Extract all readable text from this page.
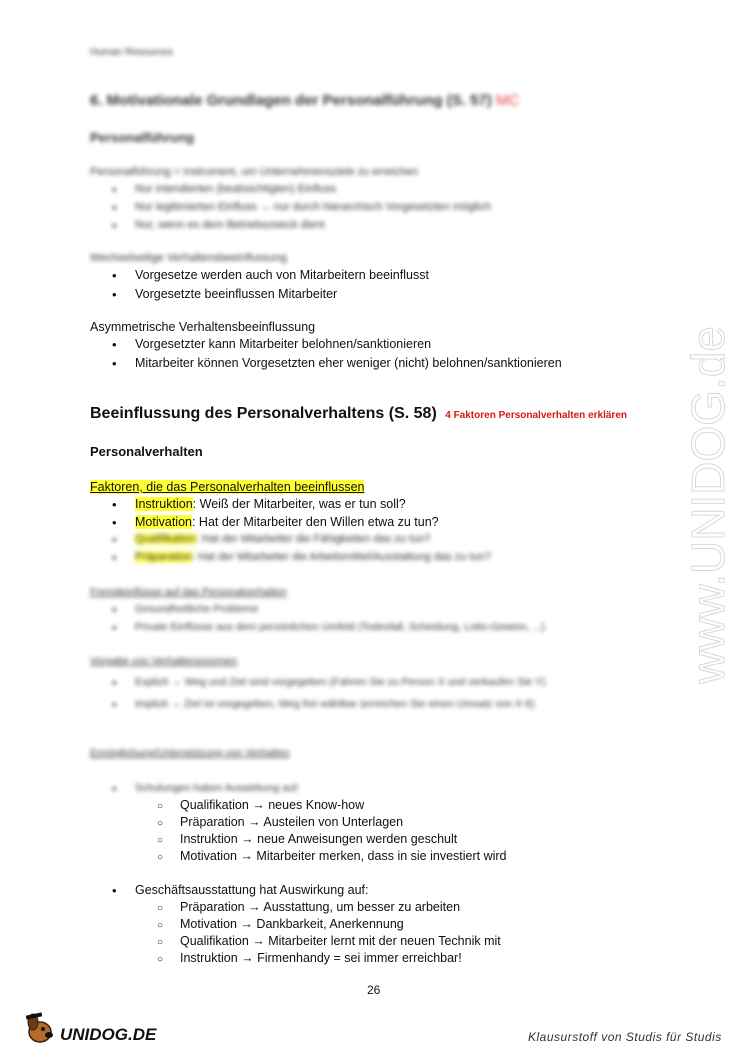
Human Resources
6. Motivationale Grundlagen der Personalführung (S. 57) MC
Personalführung
Personalführung = Instrument, um Unternehmensziele zu erreichen
• Nur intendierten (beabsichtigten) Einfluss
• Nur legitimierten Einfluss → nur durch hierarchisch Vorgesetzten möglich
• Nur, wenn es dem Betriebszweck dient
Wechselseitige Verhaltensbeeinflussung
• Vorgesetze werden auch von Mitarbeitern beeinflusst
• Vorgesetzte beeinflussen Mitarbeiter
Asymmetrische Verhaltensbeeinflussung
• Vorgesetzter kann Mitarbeiter belohnen/sanktionieren
• Mitarbeiter können Vorgesetzten eher weniger (nicht) belohnen/sanktionieren
Beeinflussung des Personalverhaltens (S. 58) 4 Faktoren Personalverhalten erklären
Personalverhalten
Faktoren, die das Personalverhalten beeinflussen
• Instruktion: Weiß der Mitarbeiter, was er tun soll?
• Motivation: Hat der Mitarbeiter den Willen etwa zu tun?
• Qualifikation: Hat der Mitarbeiter die Fähigkeiten das zu tun?
• Präparation: Hat der Mitarbeiter die Arbeitsmittel/Ausstattung das zu tun?
Fremdeinflüsse auf das Personalverhalten
• Gesundheitliche Probleme
• Private Einflüsse aus dem persönlichen Umfeld (Todesfall, Scheidung, Lotto-Gewinn, ...)
Vorgabe von Verhaltensnormen
• Explizit → Weg und Ziel sind vorgegeben (Fahren Sie zu Person X und verkaufen Sie Y)
• Implizit → Ziel ist vorgegeben, Weg frei wählbar (erreichen Sie einen Umsatz von X €)
Ermöglichung/Unterstützung von Verhalten
• Schulungen haben Auswirkung auf:
○ Qualifikation → neues Know-how
○ Präparation → Austeilen von Unterlagen
○ Instruktion → neue Anweisungen werden geschult
○ Motivation → Mitarbeiter merken, dass in sie investiert wird
• Geschäftsausstattung hat Auswirkung auf:
○ Präparation → Ausstattung, um besser zu arbeiten
○ Motivation → Dankbarkeit, Anerkennung
○ Qualifikation → Mitarbeiter lernt mit der neuen Technik mit
○ Instruktion → Firmenhandy = sei immer erreichbar!
26
www.UNIDOG.de
UNIDOG.DE	Klausurstoff von Studis für Studis
